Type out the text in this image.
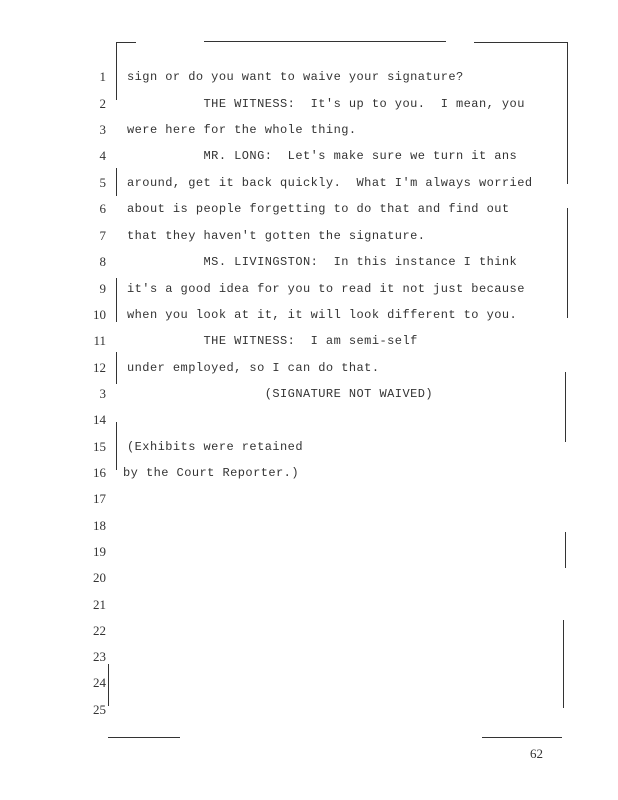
1
2
3
4
5
6
7
8
9
10
11
12
3
14
15
16
17
18
19
20
21
22
23
24
25
sign or do you want to waive your signature?
THE WITNESS:  It's up to you.  I mean, you
were here for the whole thing.
MR. LONG:  Let's make sure we turn it ans
around, get it back quickly.  What I'm always worried
about is people forgetting to do that and find out
that they haven't gotten the signature.
MS. LIVINGSTON:  In this instance I think
it's a good idea for you to read it not just because
when you look at it, it will look different to you.
THE WITNESS:  I am semi-self
under employed, so I can do that.
(SIGNATURE NOT WAIVED)
(Exhibits were retained
by the Court Reporter.)
62
